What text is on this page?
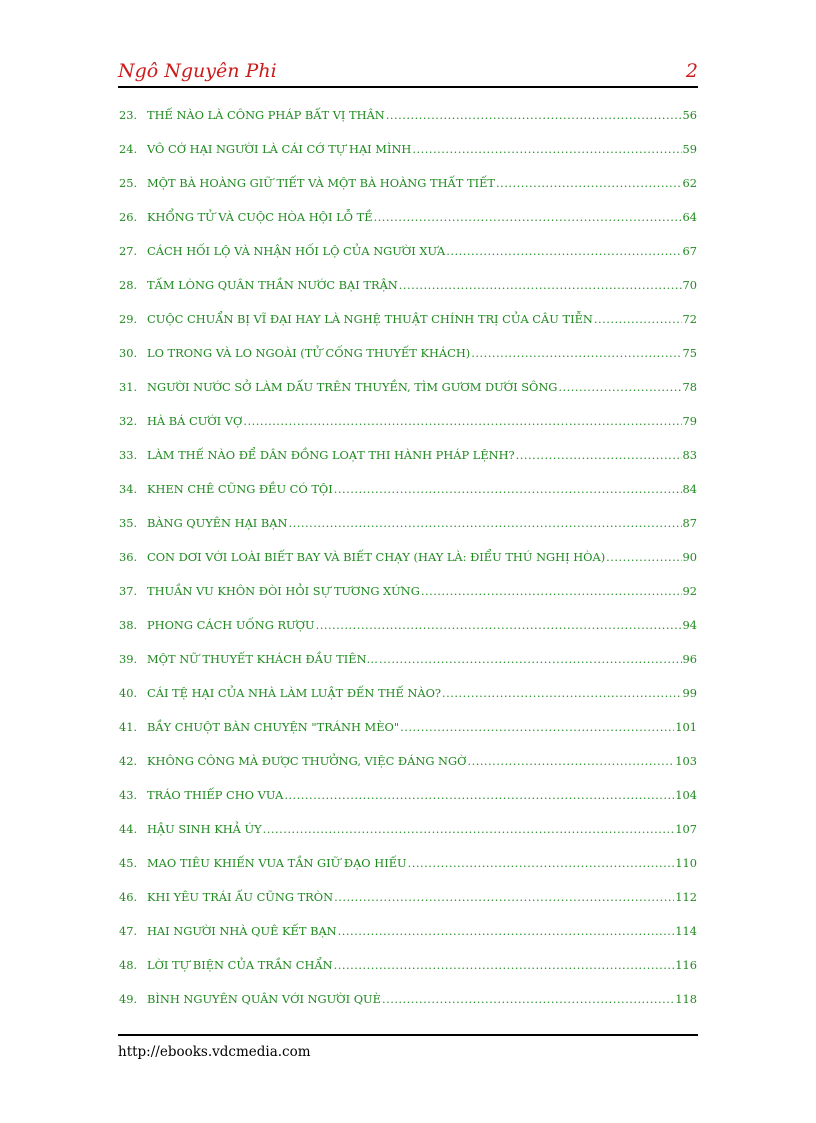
Ngô Nguyên Phi	2
23. THẾ NÀO LÀ CÔNG PHÁP BẤT VỊ THÂN .....	56
24. VÔ CỚ HẠI NGƯỜI LÀ CÁI CỚ TỰ HẠI MÌNH .....	59
25. MỘT BÀ HOÀNG GIỮ TIẾT VÀ MỘT BÀ HOÀNG THẤT TIẾT .....	62
26. KHỔNG TỬ VÀ CUỘC HÒA HỘI LỖ TỀ .....	64
27. CÁCH HỐI LỘ VÀ NHẬN HỐI LỘ CỦA NGƯỜI XƯA .....	67
28. TẤM LÒNG QUÂN THẦN NƯỚC BẠI TRẬN .....	70
29. CUỘC CHUẨN BỊ VĨ ĐẠI HAY LÀ NGHỆ THUẬT CHÍNH TRỊ CỦA CÂU TIỄN .....	72
30. LO TRONG VÀ LO NGOÀI (TỬ CỐNG THUYẾT KHÁCH) .....	75
31. NGƯỜI NƯỚC SỞ LÀM DẤU TRÊN THUYỀN, TÌM GƯƠM DƯỚI SÔNG .....	78
32. HÀ BÁ CƯỚI VỢ .....	79
33. LÀM THẾ NÀO ĐỂ DÂN ĐỒNG LOẠT THI HÀNH PHÁP LỆNH? .....	83
34. KHEN CHÊ CŨNG ĐỀU CÓ TỘI .....	84
35. BÀNG QUYÊN HẠI BẠN .....	87
36. CON DƠI VỚI LOÀI BIẾT BAY VÀ BIẾT CHẠY (HAY LÀ: ĐIỂU THÚ NGHỊ HÒA) .....	90
37. THUẦN VU KHÔN ĐÒI HỎI SỰ TƯƠNG XỨNG .....	92
38. PHONG CÁCH UỐNG RƯỢU .....	94
39. MỘT NỮ THUYẾT KHÁCH ĐẦU TIÊN… .....	96
40. CÁI TỆ HẠI CỦA NHÀ LÀM LUẬT ĐẾN THẾ NÀO? .....	99
41. BẦY CHUỘT BÀN CHUYỆN "TRÁNH MÈO" .....	101
42. KHÔNG CÔNG MÀ ĐƯỢC THƯỞNG, VIỆC ĐÁNG NGỜ .....	103
43. TRÁO THIẾP CHO VUA .....	104
44. HẬU SINH KHẢ ÚY .....	107
45. MAO TIÊU KHIẾN VUA TẦN GIỮ ĐẠO HIẾU .....	110
46. KHI YÊU TRÁI ẤU CŨNG TRÒN .....	112
47. HAI NGƯỜI NHÀ QUÊ KẾT BẠN .....	114
48. LỜI TỰ BIỆN CỦA TRẦN CHẨN .....	116
49. BÌNH NGUYÊN QUÂN VỚI NGƯỜI QUÈ .....	118
http://ebooks.vdcmedia.com
